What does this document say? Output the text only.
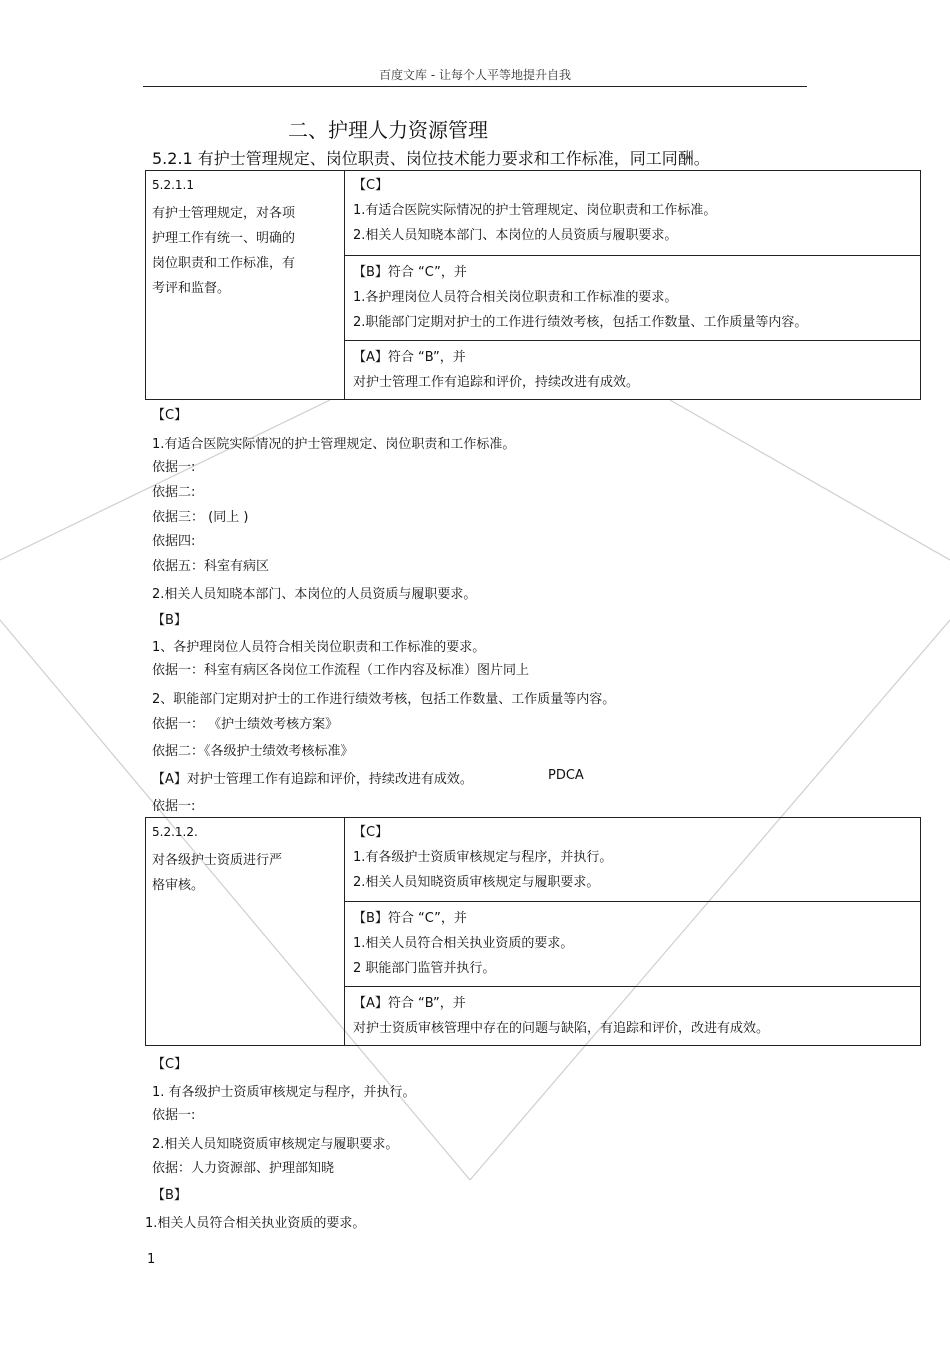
百度文库 - 让每个人平等地提升自我
二、护理人力资源管理
5.2.1 有护士管理规定、岗位职责、岗位技术能力要求和工作标准，同工同酬。
5.2.1.1
有护士管理规定，对各项
护理工作有统一、明确的
岗位职责和工作标准，有
考评和监督。

【C】
1.有适合医院实际情况的护士管理规定、岗位职责和工作标准。
2.相关人员知晓本部门、本岗位的人员资质与履职要求。

【B】符合 “C”，并
1.各护理岗位人员符合相关岗位职责和工作标准的要求。
2.职能部门定期对护士的工作进行绩效考核，包括工作数量、工作质量等内容。

【A】符合 “B”，并
对护士管理工作有追踪和评价，持续改进有成效。
【C】
1.有适合医院实际情况的护士管理规定、岗位职责和工作标准。
依据一:
依据二:
依据三： (同上 )
依据四:
依据五：科室有病区
2.相关人员知晓本部门、本岗位的人员资质与履职要求。
【B】
1、各护理岗位人员符合相关岗位职责和工作标准的要求。
依据一：科室有病区各岗位工作流程（工作内容及标准）图片同上
2、职能部门定期对护士的工作进行绩效考核，包括工作数量、工作质量等内容。
依据一： 《护士绩效考核方案》
依据二：《各级护士绩效考核标准》
【A】对护士管理工作有追踪和评价，持续改进有成效。	PDCA
依据一:
5.2.1.2.
对各级护士资质进行严
格审核。

【C】
1.有各级护士资质审核规定与程序，并执行。
2.相关人员知晓资质审核规定与履职要求。

【B】符合 “C”，并
1.相关人员符合相关执业资质的要求。
2 职能部门监管并执行。

【A】符合 “B”，并
对护士资质审核管理中存在的问题与缺陷，有追踪和评价，改进有成效。
【C】
1. 有各级护士资质审核规定与程序，并执行。
依据一:
2.相关人员知晓资质审核规定与履职要求。
依据：人力资源部、护理部知晓
【B】
1.相关人员符合相关执业资质的要求。
1
